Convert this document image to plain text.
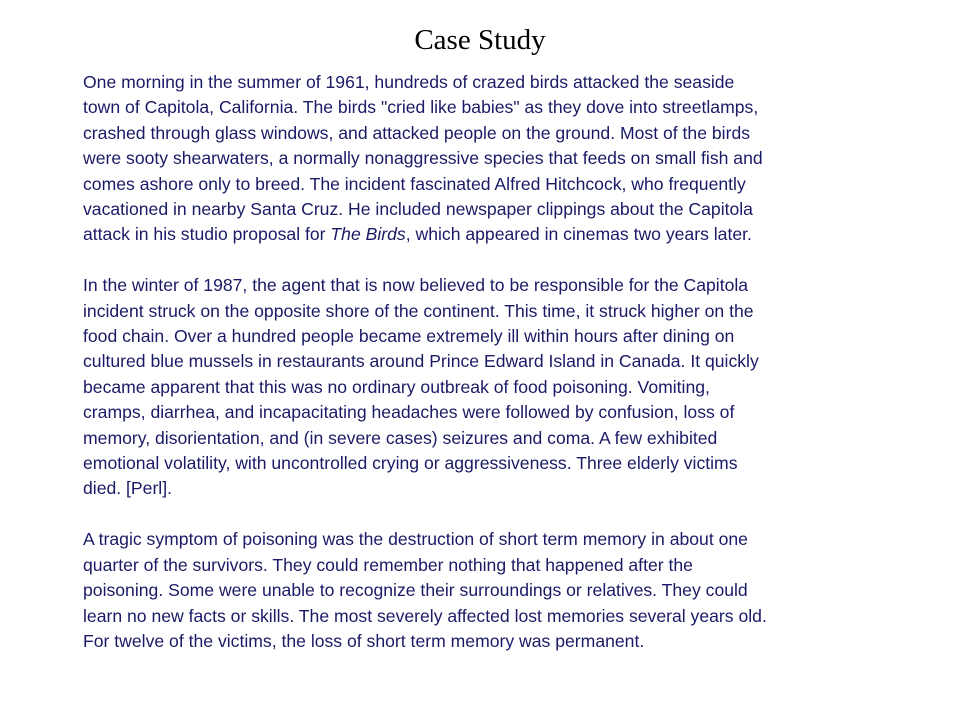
Case Study

One morning in the summer of 1961, hundreds of crazed birds attacked the seaside
town of Capitola, California. The birds "cried like babies" as they dove into streetlamps,
crashed through glass windows, and attacked people on the ground. Most of the birds
were sooty shearwaters, a normally nonaggressive species that feeds on small fish and
comes ashore only to breed. The incident fascinated Alfred Hitchcock, who frequently
vacationed in nearby Santa Cruz. He included newspaper clippings about the Capitola
attack in his studio proposal for The Birds, which appeared in cinemas two years later.

In the winter of 1987, the agent that is now believed to be responsible for the Capitola
incident struck on the opposite shore of the continent. This time, it struck higher on the
food chain. Over a hundred people became extremely ill within hours after dining on
cultured blue mussels in restaurants around Prince Edward Island in Canada. It quickly
became apparent that this was no ordinary outbreak of food poisoning. Vomiting,
cramps, diarrhea, and incapacitating headaches were followed by confusion, loss of
memory, disorientation, and (in severe cases) seizures and coma. A few exhibited
emotional volatility, with uncontrolled crying or aggressiveness. Three elderly victims
died. [Perl].

A tragic symptom of poisoning was the destruction of short term memory in about one
quarter of the survivors. They could remember nothing that happened after the
poisoning. Some were unable to recognize their surroundings or relatives. They could
learn no new facts or skills. The most severely affected lost memories several years old.
For twelve of the victims, the loss of short term memory was permanent.
